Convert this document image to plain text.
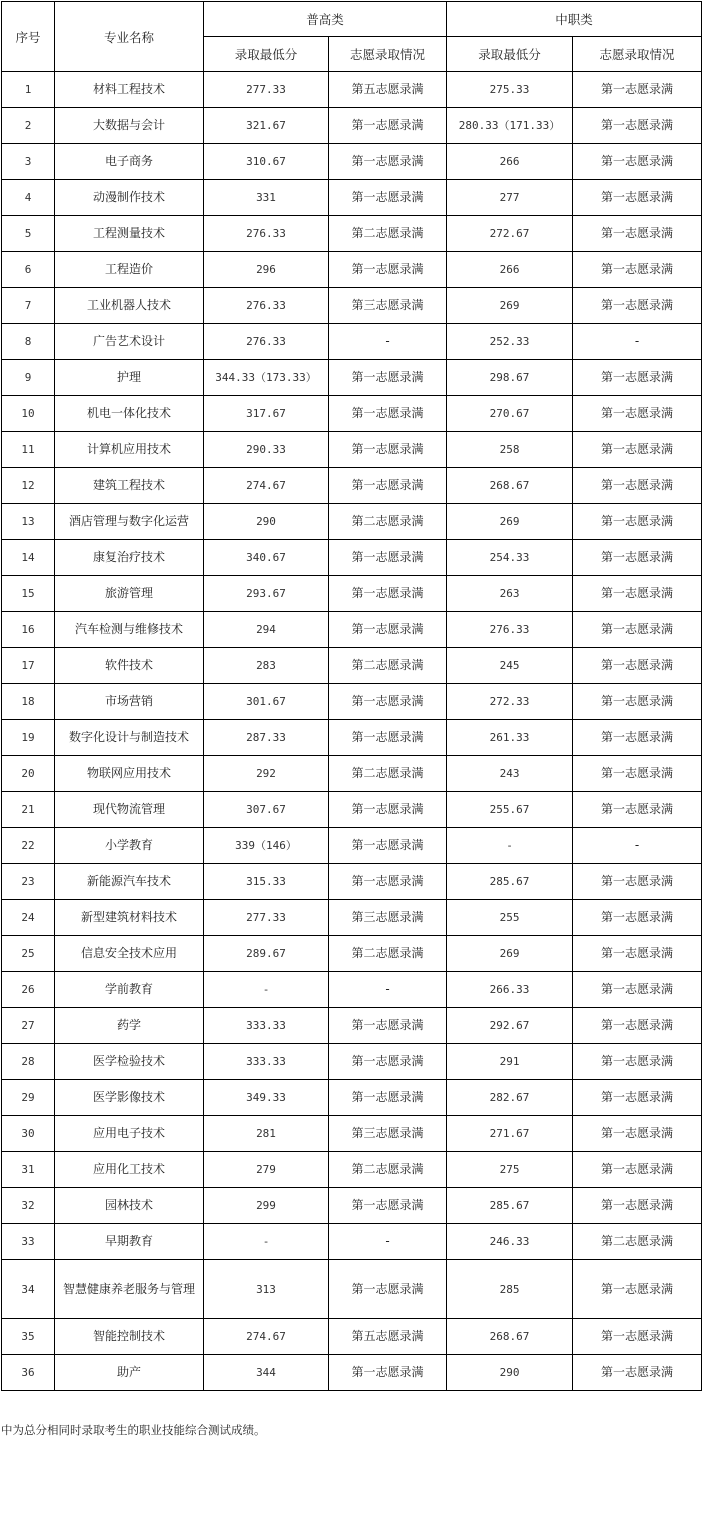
序号	专业名称	普高类		中职类	
		录取最低分	志愿录取情况	录取最低分	志愿录取情况
1	材料工程技术	277.33	第五志愿录满	275.33	第一志愿录满
2	大数据与会计	321.67	第一志愿录满	280.33（171.33）	第一志愿录满
3	电子商务	310.67	第一志愿录满	266	第一志愿录满
4	动漫制作技术	331	第一志愿录满	277	第一志愿录满
5	工程测量技术	276.33	第二志愿录满	272.67	第一志愿录满
6	工程造价	296	第一志愿录满	266	第一志愿录满
7	工业机器人技术	276.33	第三志愿录满	269	第一志愿录满
8	广告艺术设计	276.33	-	252.33	-
9	护理	344.33（173.33）	第一志愿录满	298.67	第一志愿录满
10	机电一体化技术	317.67	第一志愿录满	270.67	第一志愿录满
11	计算机应用技术	290.33	第一志愿录满	258	第一志愿录满
12	建筑工程技术	274.67	第一志愿录满	268.67	第一志愿录满
13	酒店管理与数字化运营	290	第二志愿录满	269	第一志愿录满
14	康复治疗技术	340.67	第一志愿录满	254.33	第一志愿录满
15	旅游管理	293.67	第一志愿录满	263	第一志愿录满
16	汽车检测与维修技术	294	第一志愿录满	276.33	第一志愿录满
17	软件技术	283	第二志愿录满	245	第一志愿录满
18	市场营销	301.67	第一志愿录满	272.33	第一志愿录满
19	数字化设计与制造技术	287.33	第一志愿录满	261.33	第一志愿录满
20	物联网应用技术	292	第二志愿录满	243	第一志愿录满
21	现代物流管理	307.67	第一志愿录满	255.67	第一志愿录满
22	小学教育	339（146）	第一志愿录满	-	-
23	新能源汽车技术	315.33	第一志愿录满	285.67	第一志愿录满
24	新型建筑材料技术	277.33	第三志愿录满	255	第一志愿录满
25	信息安全技术应用	289.67	第二志愿录满	269	第一志愿录满
26	学前教育	-	-	266.33	第一志愿录满
27	药学	333.33	第一志愿录满	292.67	第一志愿录满
28	医学检验技术	333.33	第一志愿录满	291	第一志愿录满
29	医学影像技术	349.33	第一志愿录满	282.67	第一志愿录满
30	应用电子技术	281	第三志愿录满	271.67	第一志愿录满
31	应用化工技术	279	第二志愿录满	275	第一志愿录满
32	园林技术	299	第一志愿录满	285.67	第一志愿录满
33	早期教育	-	-	246.33	第二志愿录满
34	智慧健康养老服务与管理	313	第一志愿录满	285	第一志愿录满
35	智能控制技术	274.67	第五志愿录满	268.67	第一志愿录满
36	助产	344	第一志愿录满	290	第一志愿录满
中为总分相同时录取考生的职业技能综合测试成绩。
